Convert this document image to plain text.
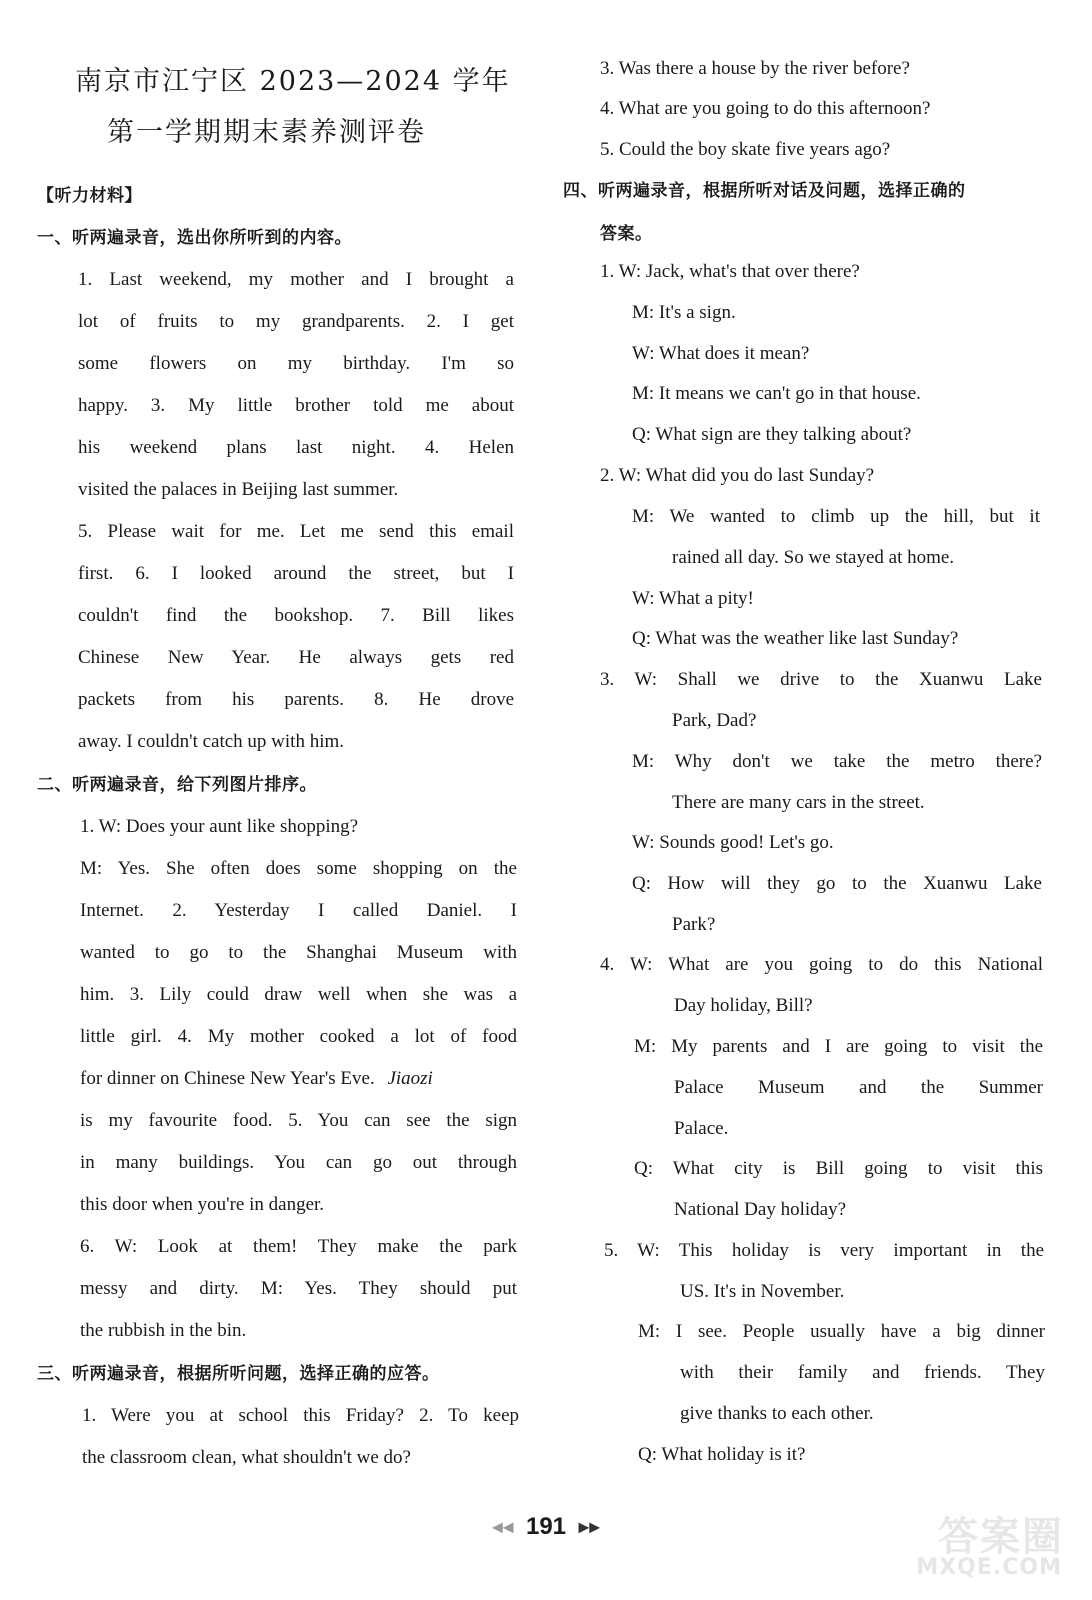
南京市江宁区 2023—2024 学年
第一学期期末素养测评卷
【听力材料】
一、听两遍录音，选出你所听到的内容。
1. Last weekend, my mother and I brought a
lot of fruits to my grandparents. 2. I get
some flowers on my birthday. I'm so
happy. 3. My little brother told me about
his weekend plans last night. 4. Helen
visited the palaces in Beijing last summer.
5. Please wait for me. Let me send this email
first. 6. I looked around the street, but I
couldn't find the bookshop. 7. Bill likes
Chinese New Year. He always gets red
packets from his parents. 8. He drove
away. I couldn't catch up with him.
二、听两遍录音，给下列图片排序。
1. W: Does your aunt like shopping?
M: Yes. She often does some shopping on the
Internet. 2. Yesterday I called Daniel. I
wanted to go to the Shanghai Museum with
him. 3. Lily could draw well when she was a
little girl. 4. My mother cooked a lot of food
for dinner on Chinese New Year's Eve. Jiaozi
is my favourite food. 5. You can see the sign
in many buildings. You can go out through
this door when you're in danger.
6. W: Look at them! They make the park
messy and dirty. M: Yes. They should put
the rubbish in the bin.
三、听两遍录音，根据所听问题，选择正确的应答。
1. Were you at school this Friday? 2. To keep
the classroom clean, what shouldn't we do?
3. Was there a house by the river before?
4. What are you going to do this afternoon?
5. Could the boy skate five years ago?
四、听两遍录音，根据所听对话及问题，选择正确的
答案。
1. W: Jack, what's that over there?
M: It's a sign.
W: What does it mean?
M: It means we can't go in that house.
Q: What sign are they talking about?
2. W: What did you do last Sunday?
M: We wanted to climb up the hill, but it
rained all day. So we stayed at home.
W: What a pity!
Q: What was the weather like last Sunday?
3. W: Shall we drive to the Xuanwu Lake
Park, Dad?
M: Why don't we take the metro there?
There are many cars in the street.
W: Sounds good! Let's go.
Q: How will they go to the Xuanwu Lake
Park?
4. W: What are you going to do this National
Day holiday, Bill?
M: My parents and I are going to visit the
Palace Museum and the Summer
Palace.
Q: What city is Bill going to visit this
National Day holiday?
5. W: This holiday is very important in the
US. It's in November.
M: I see. People usually have a big dinner
with their family and friends. They
give thanks to each other.
Q: What holiday is it?
◀◀ 191 ▶▶	答案圈
MXQE.COM
